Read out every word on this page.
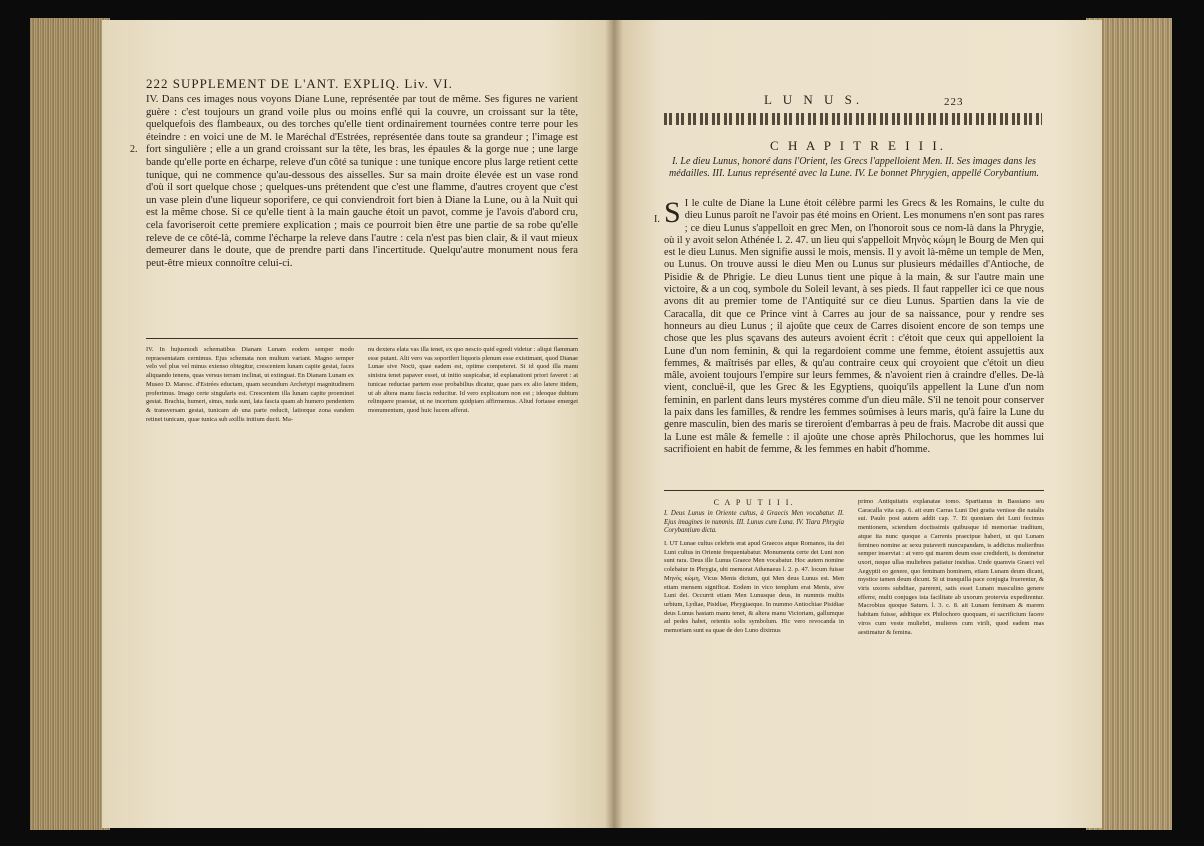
222 SUPPLEMENT DE L'ANT. EXPLIQ. Liv. VI.
2.

IV. Dans ces images nous voyons Diane Lune, représentée par tout de même. Ses figures ne varient guère : c'est toujours un grand voile plus ou moins enflé qui la couvre, un croissant sur la tête, quelquefois des flambeaux, ou des torches qu'elle tient ordinairement tournées contre terre pour les éteindre : en voici une de M. le Maréchal d'Estrées, représentée dans toute sa grandeur ; l'image est fort singulière ; elle a un grand croissant sur la tête, les bras, les épaules & la gorge nue ; une large bande qu'elle porte en écharpe, releve d'un côté sa tunique : une tunique encore plus large retient cette tunique, qui ne commence qu'au-dessous des aisselles. Sur sa main droite élevée est un vase rond d'où il sort quelque chose ; quelques-uns prétendent que c'est une flamme, d'autres croyent que c'est un vase plein d'une liqueur soporifere, ce qui conviendroit fort bien à Diane la Lune, ou à la Nuit qui est la même chose. Si ce qu'elle tient à la main gauche étoit un pavot, comme je l'avois d'abord cru, cela favoriseroit cette premiere explication ; mais ce pourroit bien être une partie de sa robe qu'elle releve de ce côté-là, comme l'écharpe la releve dans l'autre : cela n'est pas bien clair, & il vaut mieux demeurer dans le doute, que de prendre parti dans l'incertitude. Quelqu'autre monument nous fera peut-être mieux connoître celui-ci.

IV. In hujusmodi schematibus Dianam Lunam eodem semper modo repraesentatam cernimus. Ejus schemata non multum variant. Magno semper velo vel plus vel minus extenso obtegitur, crescentem lunam capite gestat, faces aliquando tenens, quas versus terram inclinat, ut extinguat. En Dianam Lunam ex Museo D. Maresc. d'Estrées eductam, quam secundum Archetypi magnitudinem proferimus. Imago certe singularis est. Crescentem illa lunam capite proeminet gestat. Brachia, humeri, sinus, nuda sunt, lata fascia quam ab humero pendentem & transversam gestat, tunicam ab una parte reducit, latiorque zona eandem retinet tunicam, quae tunica sub axillis initium ducit. Ma-
nu dextera elata vas illa tenet, ex quo nescio quid egredi videtur : aliqui flammam esse putant. Alii vero vas soporiferi liquoris plenum esse existimant, quod Dianae Lunae sive Nocti, quae eadem est, optime competeret. Si id quod illa manu sinistra tenet papaver esset, ut initio suspicabar, id explanationi priori faveret : at tunicae reductae partem esse probabilius dicatur, quae pars ex alio latere itidem, ut ab altera manu fascia reducitur. Id vero explicatum non est ; ideoque dubium relinquere praestat, ut ne incertum quidpiam affirmemus. Aliud fortasse emerget monumentum, quod huic lucem afferat.
L U N U S.	223
C H A P I T R E I I I.
I. Le dieu Lunus, honoré dans l'Orient, les Grecs l'appelloient Men. II. Ses images dans les médailles. III. Lunus représenté avec la Lune. IV. Le bonnet Phrygien, appellé Corybantium.
I. S I le culte de Diane la Lune étoit célèbre parmi les Grecs & les Romains, le culte du dieu Lunus paroît ne l'avoir pas été moins en Orient. Les monumens n'en sont pas rares ; ce dieu Lunus s'appelloit en grec Men, on l'honoroit sous ce nom-là dans la Phrygie, où il y avoit selon Athénée l. 2. 47. un lieu qui s'appelloit Μηνὸς κώμη le Bourg de Men qui est le dieu Lunus. Men signifie aussi le mois, mensis. Il y avoit là-même un temple de Men, ou Lunus. On trouve aussi le dieu Men ou Lunus sur plusieurs médailles d'Antioche, de Pisidie & de Phrigie. Le dieu Lunus tient une pique à la main, & sur l'autre main une victoire, & a un coq, symbole du Soleil levant, à ses pieds. Il faut rappeller ici ce que nous avons dit au premier tome de l'Antiquité sur ce dieu Lunus. Spartien dans la vie de Caracalla, dit que ce Prince vint à Carres au jour de sa naissance, pour y rendre ses honneurs au dieu Lunus ; il ajoûte que ceux de Carres disoient encore de son temps une chose que les plus sçavans des auteurs avoient écrit : c'étoit que ceux qui appelloient la Lune d'un nom feminin, & qui la regardoient comme une femme, étoient assujettis aux femmes, & maîtrisés par elles, & qu'au contraire ceux qui croyoient que c'étoit un dieu mâle, avoient toujours l'empire sur leurs femmes, & n'avoient rien à craindre d'elles. De-là vient, concluë-il, que les Grec & les Egyptiens, quoiqu'ils appellent la Lune d'un nom feminin, en parlent dans leurs mystéres comme d'un dieu mâle. S'il ne tenoit pour conserver la paix dans les familles, & rendre les femmes soûmises à leurs maris, qu'à faire la Lune du genre masculin, bien des maris se tireroient d'embarras à peu de frais. Macrobe dit aussi que la Lune est mâle & femelle : il ajoûte une chose après Philochorus, que les hommes lui sacrifioient en habit de femme, & les femmes en habit d'homme.
C A P U T I I I.
I. Deus Lunus in Oriente cultus, à Graecis Men vocabatur. II. Ejus imagines in nummis. III. Lunus cum Luna. IV. Tiara Phrygia Corybantium dicta.
I. UT Lunae cultus celebris erat apud Graecos atque Romanos, ita dei Luni cultus in Oriente frequentabatur. Monumenta certe dei Luni non sunt rara. Deus ille Lunus Graece Men vocabatur. Hoc autem nomine colebatur in Phrygia, ubi memorat Athenaeus l. 2. p. 47. locum fuisse Μηνὸς κώμη, Vicus Menis dictum, qui Men deus Lunus est. Men etiam mensem significat. Eodem in vico templum erat Menis, sive Luni dei. Occurrit etiam Men Lunusque deus, in nummis multis urbium, Lydiae, Pisidiae, Phrygiaeque. In nummo Antiochiae Pisidiae deus Lunus hastam manu tenet, & altera manu Victoriam, gallumque ad pedes habet, orientis solis symbolum. Hic vero revocanda in memoriam sunt ea quae de deo Luno diximus
primo Antiquitatis explanatae tomo. Spartianus in Bassiano seu Caracalla vita cap. 6. ait eum Carras Luni Dei gratia venisse die natalis sui. Paulo post autem addit cap. 7. Et quoniam dei Luni fecimus mentionem, sciendum doctissimis quibusque id memoriae traditum, atque ita nunc quoque a Carrenis praecipue haberi, ut qui Lunam femineo nomine ac sexu putaverit nuncupandam, is addictus mulieribus semper inserviat : at vero qui marem deum esse crediderit, is dominetur uxori, neque ullas muliebres patiatur insidias. Unde quamvis Graeci vel Aegyptii eo genere, quo feminam hominem, etiam Lunam deum dicant, mystice tamen deum dicunt. Si ut tranquilla pace conjugia fruerentur, & viris uxores subditae, parerent, satis esset Lunam masculino genere efferre, multi conjuges ista facilitate ab uxorum protervia expedirentur. Macrobius quoque Saturn. l. 3. c. 8. ait Lunam feminam & marem habitam fuisse, additque ex Philochoro quoquam, ei sacrificium facere viros cum veste muliebri, mulieres cum virili, quod eadem mas aestimatur & femina.
